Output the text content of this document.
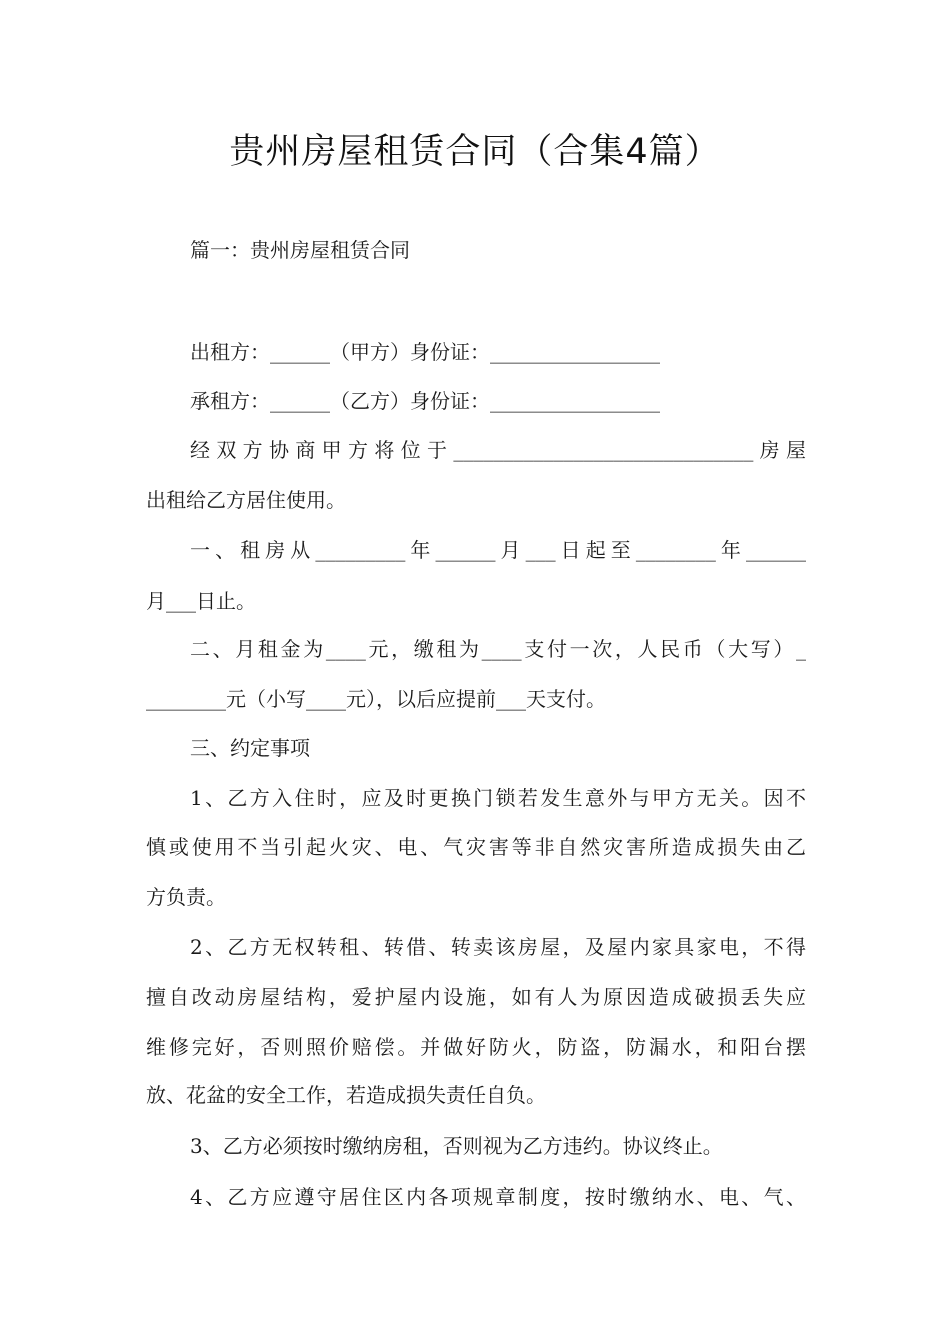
贵州房屋租赁合同（合集4篇）
篇一：贵州房屋租赁合同
出租方：______（甲方）身份证：_________________
承租方：______（乙方）身份证：_________________
经双方协商甲方将位于______________________________房屋
出租给乙方居住使用。
一、租房从_________年______月___日起至________年______
月___日止。
二、月租金为____元，缴租为____支付一次，人民币（大写）_
________元（小写____元），以后应提前___天支付。
三、约定事项
1、乙方入住时，应及时更换门锁若发生意外与甲方无关。因不
慎或使用不当引起火灾、电、气灾害等非自然灾害所造成损失由乙
方负责。
2、乙方无权转租、转借、转卖该房屋，及屋内家具家电，不得
擅自改动房屋结构，爱护屋内设施，如有人为原因造成破损丢失应
维修完好，否则照价赔偿。并做好防火，防盗，防漏水，和阳台摆
放、花盆的安全工作，若造成损失责任自负。
3、乙方必须按时缴纳房租，否则视为乙方违约。协议终止。
4、乙方应遵守居住区内各项规章制度，按时缴纳水、电、气、
